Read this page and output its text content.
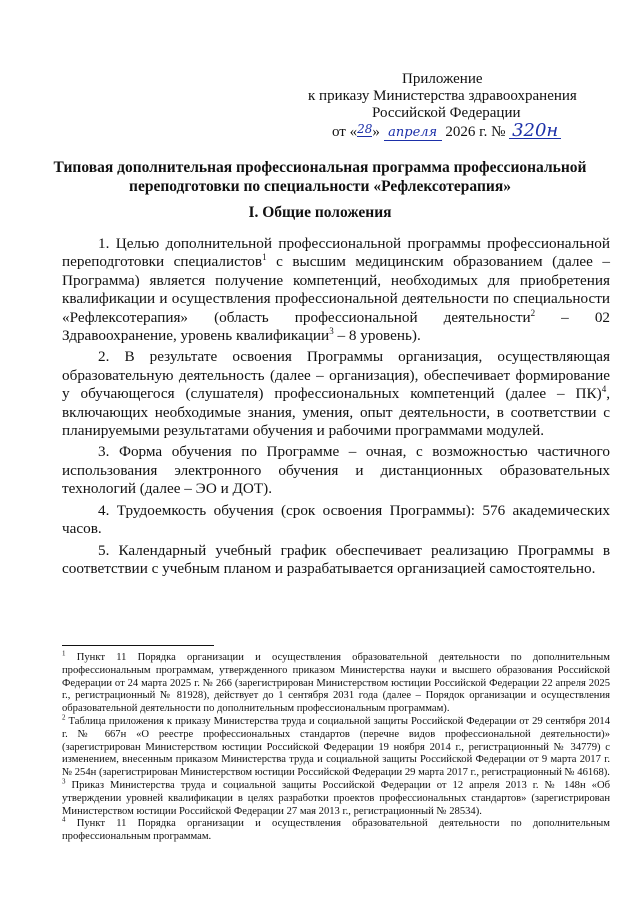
Приложение
к приказу Министерства здравоохранения
Российской Федерации
от «28» апреля 2026 г. № 320н
Типовая дополнительная профессиональная программа профессиональной переподготовки по специальности «Рефлексотерапия»
I. Общие положения

1. Целью дополнительной профессиональной программы профессиональной переподготовки специалистов$^1$ с высшим медицинским образованием (далее – Программа) является получение компетенций, необходимых для приобретения квалификации и осуществления профессиональной деятельности по специальности «Рефлексотерапия» (область профессиональной деятельности$^2$ – 02 Здравоохранение, уровень квалификации$^3$ – 8 уровень).

2. В результате освоения Программы организация, осуществляющая образовательную деятельность (далее – организация), обеспечивает формирование у обучающегося (слушателя) профессиональных компетенций (далее – ПК)$^4$, включающих необходимые знания, умения, опыт деятельности, в соответствии с планируемыми результатами обучения и рабочими программами модулей.

3. Форма обучения по Программе – очная, с возможностью частичного использования электронного обучения и дистанционных образовательных технологий (далее – ЭО и ДОТ).

4. Трудоемкость обучения (срок освоения Программы): 576 академических часов.

5. Календарный учебный график обеспечивает реализацию Программы в соответствии с учебным планом и разрабатывается организацией самостоятельно.

$^1$ Пункт 11 Порядка организации и осуществления образовательной деятельности по дополнительным профессиональным программам, утвержденного приказом Министерства науки и высшего образования Российской Федерации от 24 марта 2025 г. № 266 (зарегистрирован Министерством юстиции Российской Федерации 22 апреля 2025 г., регистрационный № 81928), действует до 1 сентября 2031 года (далее – Порядок организации и осуществления образовательной деятельности по дополнительным профессиональным программам).

$^2$ Таблица приложения к приказу Министерства труда и социальной защиты Российской Федерации от 29 сентября 2014 г. № 667н «О реестре профессиональных стандартов (перечне видов профессиональной деятельности)» (зарегистрирован Министерством юстиции Российской Федерации 19 ноября 2014 г., регистрационный № 34779) с изменением, внесенным приказом Министерства труда и социальной защиты Российской Федерации от 9 марта 2017 г. № 254н (зарегистрирован Министерством юстиции Российской Федерации 29 марта 2017 г., регистрационный № 46168).

$^3$ Приказ Министерства труда и социальной защиты Российской Федерации от 12 апреля 2013 г. № 148н «Об утверждении уровней квалификации в целях разработки проектов профессиональных стандартов» (зарегистрирован Министерством юстиции Российской Федерации 27 мая 2013 г., регистрационный № 28534).

$^4$ Пункт 11 Порядка организации и осуществления образовательной деятельности по дополнительным профессиональным программам.
